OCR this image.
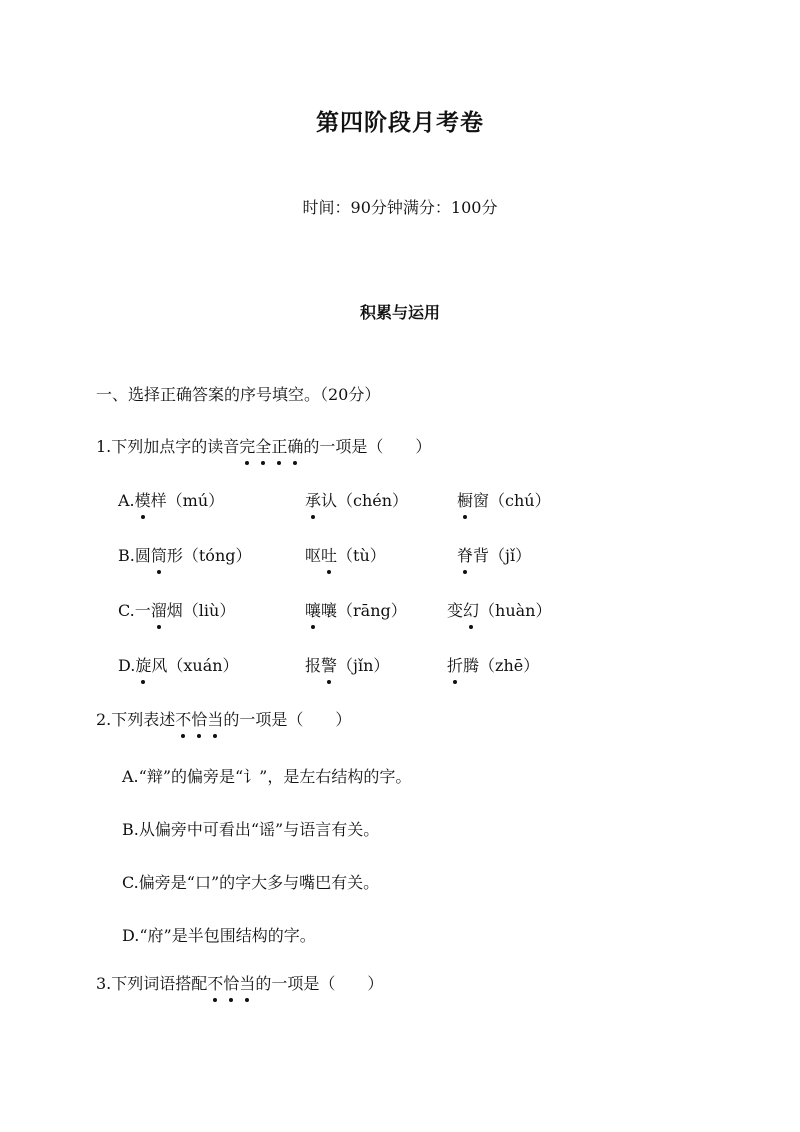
第四阶段月考卷
时间：90分钟满分：100分
积累与运用
一、选择正确答案的序号填空。（20分）
1.下列加点字的读音完全正确的一项是（　　）
A.模样（mú）	承认（chén）	橱窗（chú）
B.圆筒形（tóng）	呕吐（tù）	脊背（jǐ）
C.一溜烟（liù）	嚷嚷（rāng）	变幻（huàn）
D.旋风（xuán）	报警（jǐn）	折腾（zhē）
2.下列表述不恰当的一项是（　　）
A.“辩”的偏旁是“讠”，是左右结构的字。
B.从偏旁中可看出“谣”与语言有关。
C.偏旁是“口”的字大多与嘴巴有关。
D.“府”是半包围结构的字。
3.下列词语搭配不恰当的一项是（　　）
